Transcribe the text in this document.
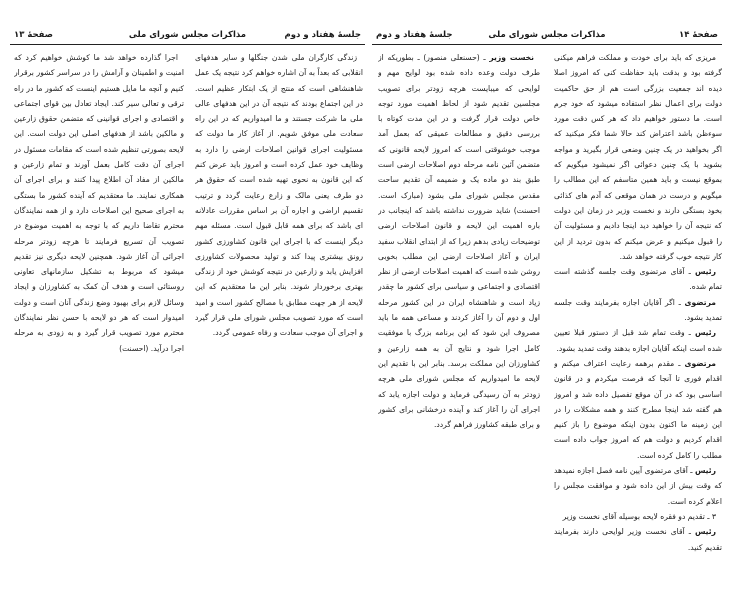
صفحهٔ ۱۴
مذاکرات مجلس شورای ملی
جلسهٔ هفتاد و دوم

مریزی که باید برای خودت و مملکت فراهم میکنی گرفته بود و بدقت باید حفاظت کنی که امروز اصلا دیده اند جمعیت بزرگی است هم از حق حاکمیت دولت برای اعمال نظر استفاده میشود که خود جرم است. ما دستور خواهیم داد که هر کس دقت مورد سوءظن باشد اعتراض کند حالا شما فکر میکنید که اگر بخواهید در یک چنین وضعی قرار بگیرید و مواجه بشوید با یک چنین دعوائی اگر نمیشود میگویم که بموقع نیست و باید همین متاسفم که این مطالب را میگویم و درست در همان موقعی که آدم های کذائی بخود بستگی دارند و نخست وزیر در زمان این دولت که نتیجه آن را خواهید دید اینجا دادیم و مسئولیت آن را قبول میکنیم و عرض میکنم که بدون تردید از این کار نتیجه خوب گرفته خواهد شد.

رئیس ـ آقای مرتضوی وقت جلسه گذشته است تمام شده.

مرتضوی ـ اگر آقایان اجازه بفرمایند وقت جلسه تمدید بشود.

رئیس ـ وقت تمام شد قبل از دستور قبلا تعیین شده است اینکه آقایان اجازه بدهند وقت تمدید بشود.

مرتضوی ـ مقدم برهمه رعایت اعتراف میکنم و اقدام فوری تا آنجا که فرصت میکردم و در قانون اساسی بود که در آن موقع تفصیل داده شد و امروز هم گفته شد اینجا مطرح کنند و همه مشکلات را در این زمینه ما اکنون بدون اینکه موضوع را باز کنیم اقدام کردیم و دولت هم که امروز جواب داده است مطلب را کامل کرده است.

رئیس ـ آقای مرتضوی آیین نامه فصل اجازه نمیدهد که وقت بیش از این داده شود و موافقت مجلس را اعلام کرده است.

۳ ـ تقدیم دو فقره لایحه بوسیله آقای نخست وزیر

رئیس ـ آقای نخست وزیر لوایحی دارند بفرمایند تقدیم کنید.

نخست وزیر ـ (حسنعلی منصور) ـ بطوریکه از طرف دولت وعده داده شده بود لوایح مهم و لوایحی که میبایست هرچه زودتر برای تصویب مجلسین تقدیم شود از لحاظ اهمیت مورد توجه خاص دولت قرار گرفت و در این مدت کوتاه با بررسی دقیق و مطالعات عمیقی که بعمل آمد موجب خوشوقتی است که امروز لایحه قانونی که متضمن آئین نامه مرحله دوم اصلاحات ارضی است طبق بند دو ماده یک و ضمیمه آن تقدیم ساحت مقدس مجلس شورای ملی بشود (مبارک است. احسنت) شاید ضرورت نداشته باشد که اینجانب در باره اهمیت این لایحه و قانون اصلاحات ارضی توضیحات زیادی بدهم زیرا که از ابتدای انقلاب سفید ایران و آغاز اصلاحات ارضی این مطلب بخوبی روشن شده است که اهمیت اصلاحات ارضی از نظر اقتصادی و اجتماعی و سیاسی برای کشور ما چقدر زیاد است و شاهنشاه ایران در این کشور مرحله اول و دوم آن را آغاز کردند و مساعی همه ما باید مصروف این شود که این برنامه بزرگ با موفقیت کامل اجرا شود و نتایج آن به همه زارعین و کشاورزان این مملکت برسد. بنابر این با تقدیم این لایحه ما امیدواریم که مجلس شورای ملی هرچه زودتر به آن رسیدگی فرماید و دولت اجازه یابد که اجرای آن را آغاز کند و آینده درخشانی برای کشور و برای طبقه کشاورز فراهم گردد.

جلسهٔ هفتاد و دوم
مذاکرات مجلس شورای ملی
صفحهٔ ۱۳

زندگی کارگران ملی شدن جنگلها و سایر هدفهای انقلابی که بعداً به آن اشاره خواهم کرد نتیجه یک عمل شاهنشاهی است که منتج از یک ابتکار عظیم است. در این اجتماع بودند که نتیجه آن در این هدفهای عالی ملی ما شرکت جستند و ما امیدواریم که در این راه سعادت ملی موفق شویم. از آغاز کار ما دولت که مسئولیت اجرای قوانین اصلاحات ارضی را دارد به وظایف خود عمل کرده است و امروز باید عرض کنم که این قانون به نحوی تهیه شده است که حقوق هر دو طرف یعنی مالک و زارع رعایت گردد و ترتیب تقسیم اراضی و اجاره آن بر اساس مقررات عادلانه ای باشد که برای همه قابل قبول است. مسئله مهم دیگر اینست که با اجرای این قانون کشاورزی کشور رونق بیشتری پیدا کند و تولید محصولات کشاورزی افزایش یابد و زارعین در نتیجه کوشش خود از زندگی بهتری برخوردار شوند. بنابر این ما معتقدیم که این لایحه از هر جهت مطابق با مصالح کشور است و امید است که مورد تصویب مجلس شورای ملی قرار گیرد و اجرای آن موجب سعادت و رفاه عمومی گردد.

اجرا گذارده خواهد شد ما کوشش خواهیم کرد که امنیت و اطمینان و آرامش را در سراسر کشور برقرار کنیم و آنچه ما مایل هستیم اینست که کشور ما در راه ترقی و تعالی سیر کند. ایجاد تعادل بین قوای اجتماعی و اقتصادی و اجرای قوانینی که متضمن حقوق زارعین و مالکین باشد از هدفهای اصلی این دولت است. این لایحه بصورتی تنظیم شده است که مقامات مسئول در اجرای آن دقت کامل بعمل آورند و تمام زارعین و مالکین از مفاد آن اطلاع پیدا کنند و برای اجرای آن همکاری نمایند. ما معتقدیم که آینده کشور ما بستگی به اجرای صحیح این اصلاحات دارد و از همه نمایندگان محترم تقاضا داریم که با توجه به اهمیت موضوع در تصویب آن تسریع فرمایند تا هرچه زودتر مرحله اجرائی آن آغاز شود. همچنین لایحه دیگری نیز تقدیم میشود که مربوط به تشکیل سازمانهای تعاونی روستائی است و هدف آن کمک به کشاورزان و ایجاد وسائل لازم برای بهبود وضع زندگی آنان است و دولت امیدوار است که هر دو لایحه با حسن نظر نمایندگان محترم مورد تصویب قرار گیرد و به زودی به مرحله اجرا درآید. (احسنت)
